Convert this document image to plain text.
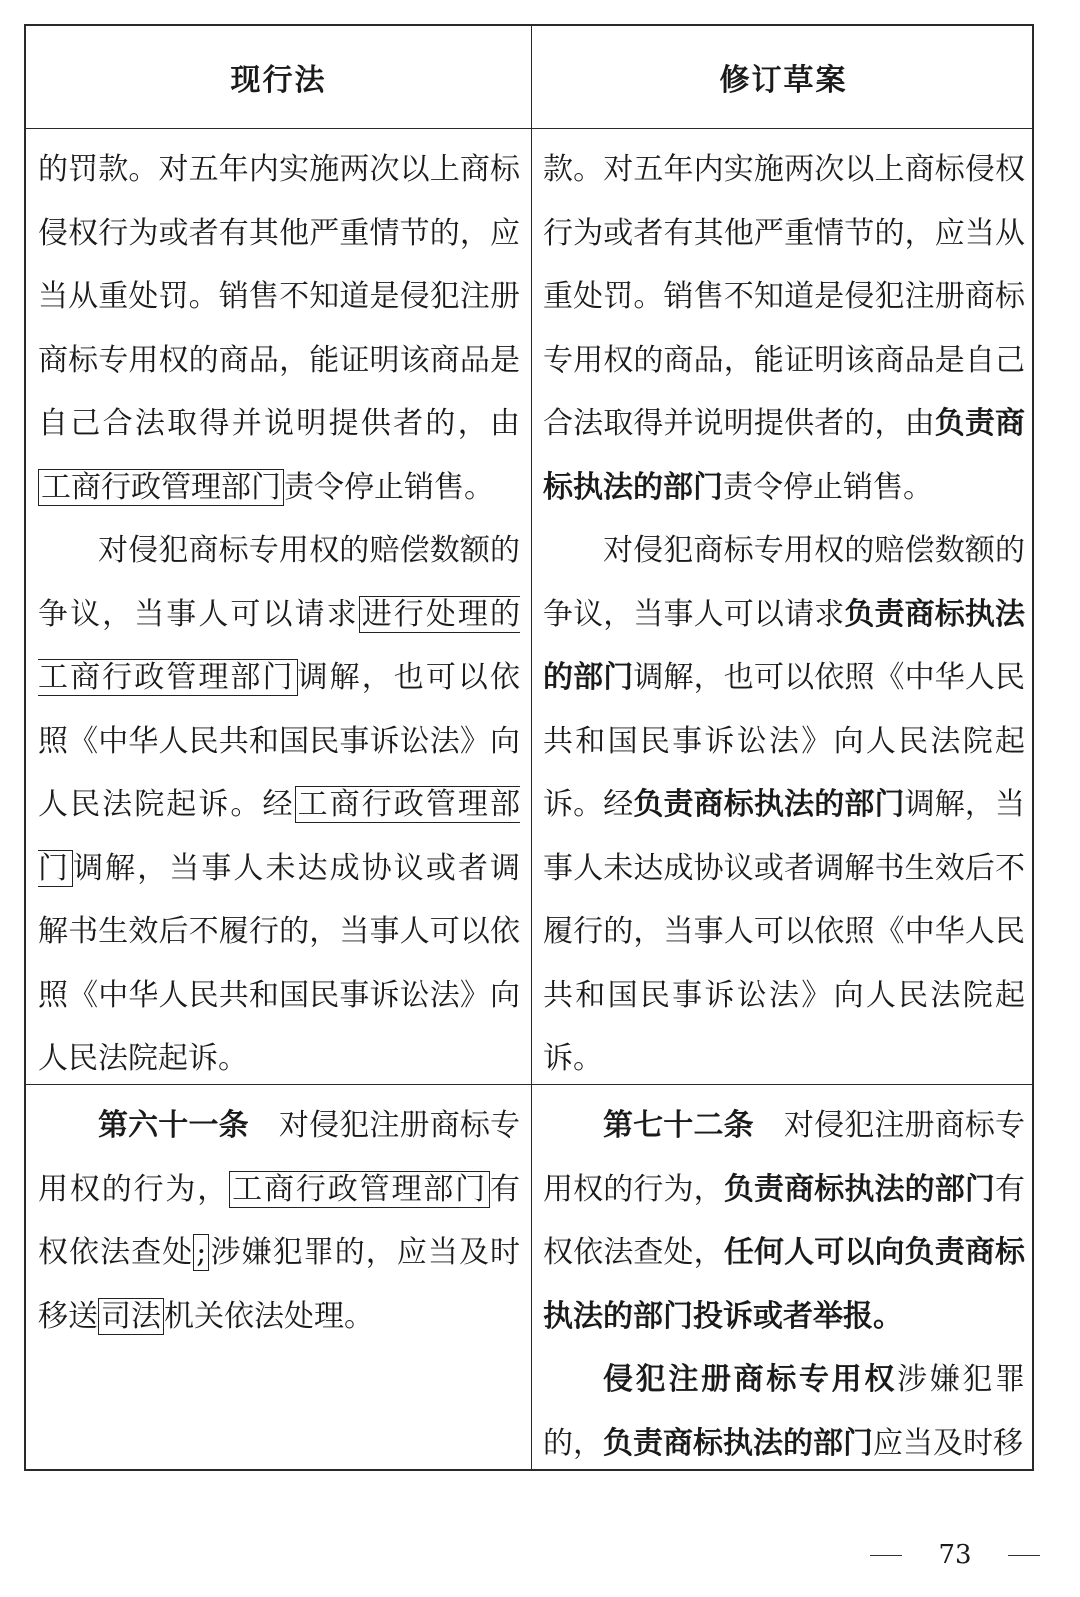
现行法	修订草案

的罚款。对五年内实施两次以上商标侵权行为或者有其他严重情节的，应当从重处罚。销售不知道是侵犯注册商标专用权的商品，能证明该商品是自己合法取得并说明提供者的，由工商行政管理部门 责令停止销售。

对侵犯商标专用权的赔偿数额的争议，当事人可以请求 进行处理的工商行政管理部门 调解，也可以依照《中华人民共和国民事诉讼法》向人民法院起诉。经 工商行政管理部门 调解，当事人未达成协议或者调解书生效后不履行的，当事人可以依照《中华人民共和国民事诉讼法》向人民法院起诉。

款。对五年内实施两次以上商标侵权行为或者有其他严重情节的，应当从重处罚。销售不知道是侵犯注册商标专用权的商品，能证明该商品是自己合法取得并说明提供者的，由负责商标执法的部门责令停止销售。

对侵犯商标专用权的赔偿数额的争议，当事人可以请求负责商标执法的部门调解，也可以依照《中华人民共和国民事诉讼法》向人民法院起诉。经负责商标执法的部门调解，当事人未达成协议或者调解书生效后不履行的，当事人可以依照《中华人民共和国民事诉讼法》向人民法院起诉。

第六十一条  对侵犯注册商标专用权的行为， 工商行政管理部门 有权依法查处 ; 涉嫌犯罪的，应当及时移送 司法 机关依法处理。

第七十二条  对侵犯注册商标专用权的行为，负责商标执法的部门有权依法查处，任何人可以向负责商标执法的部门投诉或者举报。

侵犯注册商标专用权涉嫌犯罪的，负责商标执法的部门应当及时移

73
